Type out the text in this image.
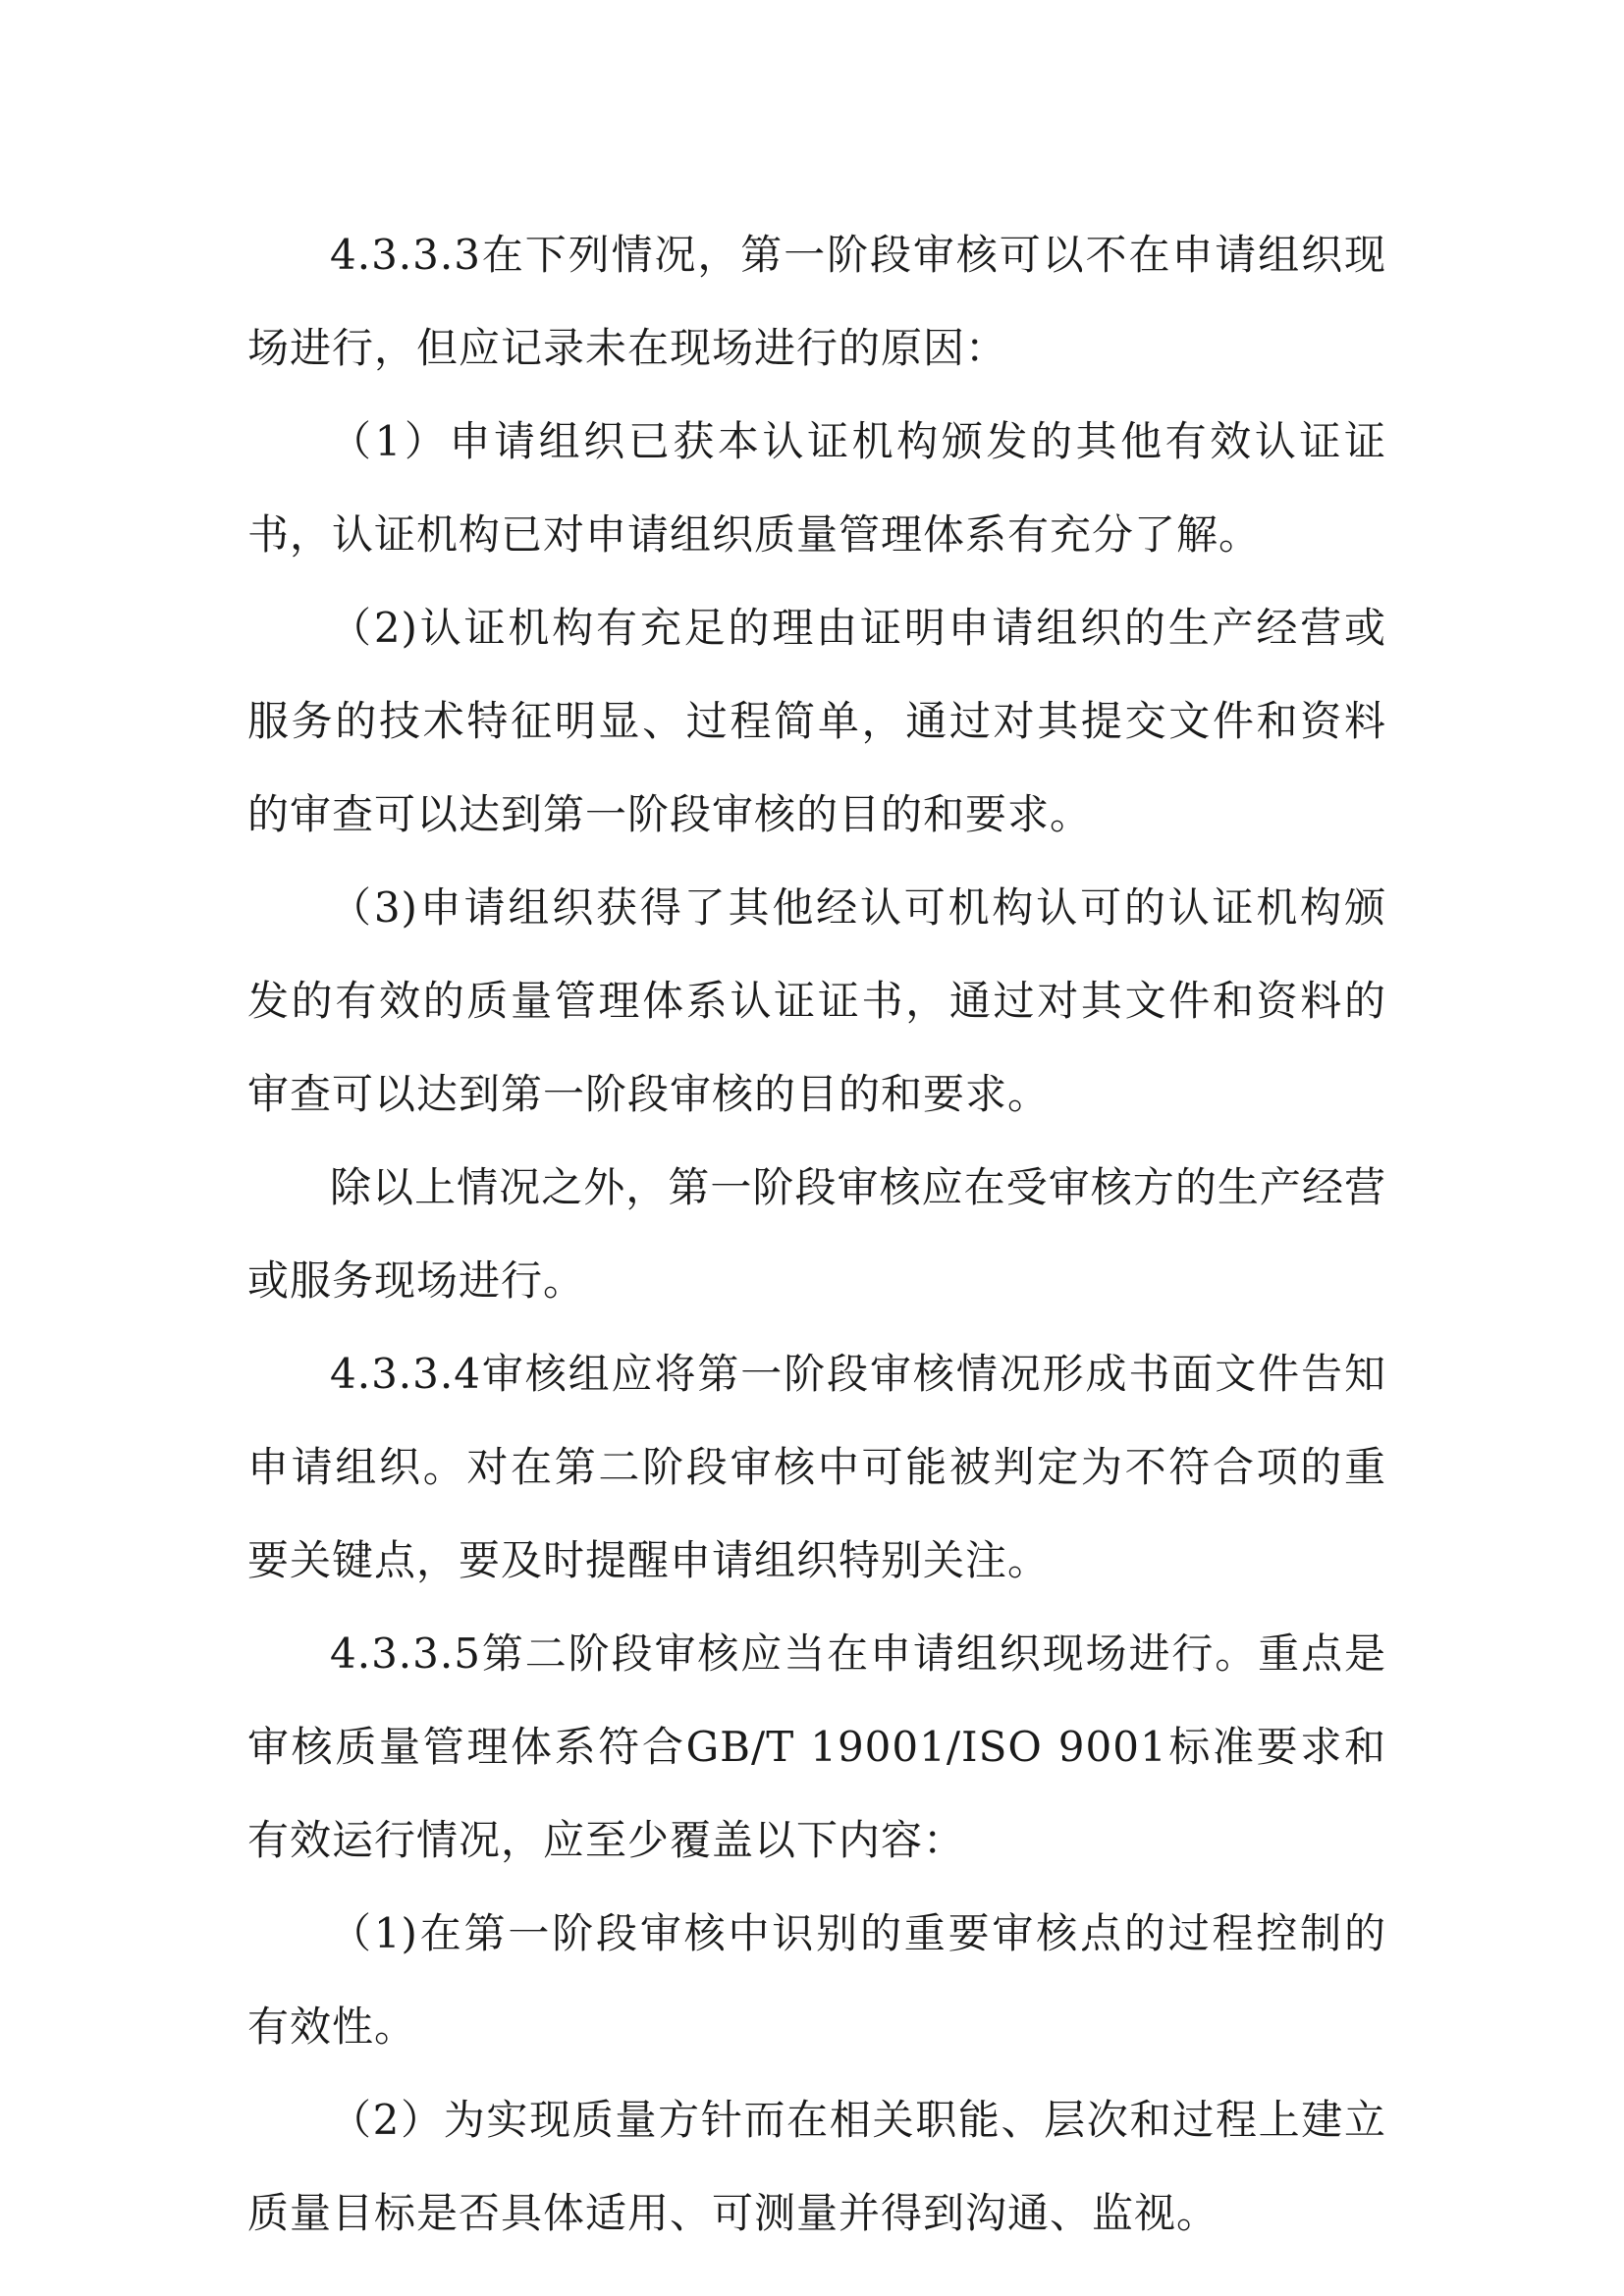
4.3.3.3在下列情况，第一阶段审核可以不在申请组织现场进行，但应记录未在现场进行的原因：

（1）申请组织已获本认证机构颁发的其他有效认证证书，认证机构已对申请组织质量管理体系有充分了解。

（2)认证机构有充足的理由证明申请组织的生产经营或服务的技术特征明显、过程简单，通过对其提交文件和资料的审查可以达到第一阶段审核的目的和要求。

（3)申请组织获得了其他经认可机构认可的认证机构颁发的有效的质量管理体系认证证书，通过对其文件和资料的审查可以达到第一阶段审核的目的和要求。

除以上情况之外，第一阶段审核应在受审核方的生产经营或服务现场进行。

4.3.3.4审核组应将第一阶段审核情况形成书面文件告知申请组织。对在第二阶段审核中可能被判定为不符合项的重要关键点，要及时提醒申请组织特别关注。

4.3.3.5第二阶段审核应当在申请组织现场进行。重点是审核质量管理体系符合GB/T 19001/ISO 9001标准要求和有效运行情况，应至少覆盖以下内容：

（1)在第一阶段审核中识别的重要审核点的过程控制的有效性。

（2）为实现质量方针而在相关职能、层次和过程上建立质量目标是否具体适用、可测量并得到沟通、监视。
